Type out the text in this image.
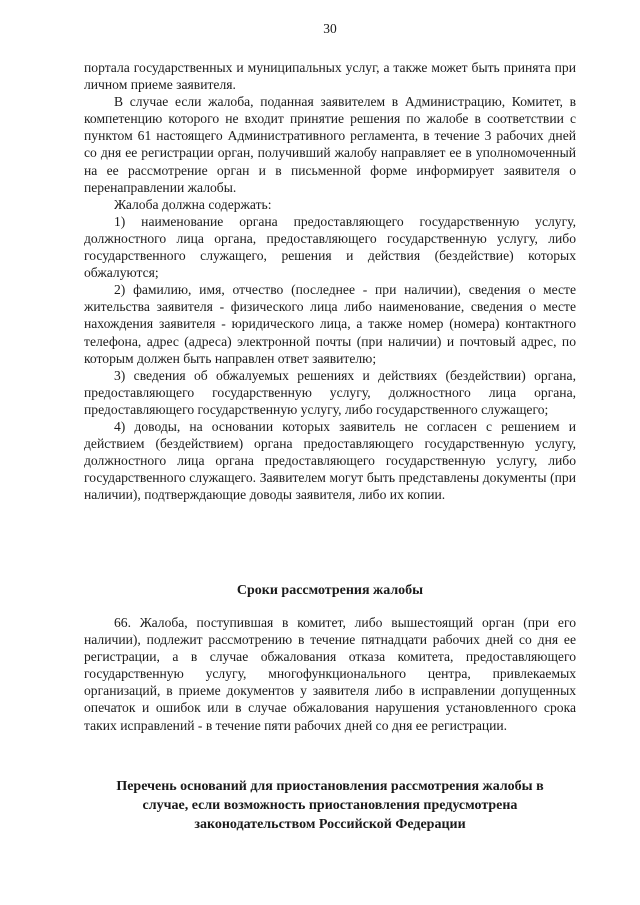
30

портала государственных и муниципальных услуг, а также может быть принята при личном приеме заявителя.

В случае если жалоба, поданная заявителем в Администрацию, Комитет, в компетенцию которого не входит принятие решения по жалобе в соответствии с пунктом 61 настоящего Административного регламента, в течение 3 рабочих дней со дня ее регистрации орган, получивший жалобу направляет ее в уполномоченный на ее рассмотрение орган и в письменной форме информирует заявителя о перенаправлении жалобы.

Жалоба должна содержать:

1) наименование органа предоставляющего государственную услугу, должностного лица органа, предоставляющего государственную услугу, либо государственного служащего, решения и действия (бездействие) которых обжалуются;

2) фамилию, имя, отчество (последнее - при наличии), сведения о месте жительства заявителя - физического лица либо наименование, сведения о месте нахождения заявителя - юридического лица, а также номер (номера) контактного телефона, адрес (адреса) электронной почты (при наличии) и почтовый адрес, по которым должен быть направлен ответ заявителю;

3) сведения об обжалуемых решениях и действиях (бездействии) органа, предоставляющего государственную услугу, должностного лица органа, предоставляющего государственную услугу, либо государственного служащего;

4) доводы, на основании которых заявитель не согласен с решением и действием (бездействием) органа предоставляющего государственную услугу, должностного лица органа предоставляющего государственную услугу, либо государственного служащего. Заявителем могут быть представлены документы (при наличии), подтверждающие доводы заявителя, либо их копии.

Сроки рассмотрения жалобы

66. Жалоба, поступившая в комитет, либо вышестоящий орган (при его наличии), подлежит рассмотрению в течение пятнадцати рабочих дней со дня ее регистрации, а в случае обжалования отказа комитета, предоставляющего государственную услугу, многофункционального центра, привлекаемых организаций, в приеме документов у заявителя либо в исправлении допущенных опечаток и ошибок или в случае обжалования нарушения установленного срока таких исправлений - в течение пяти рабочих дней со дня ее регистрации.

Перечень оснований для приостановления рассмотрения жалобы в
случае, если возможность приостановления предусмотрена
законодательством Российской Федерации
